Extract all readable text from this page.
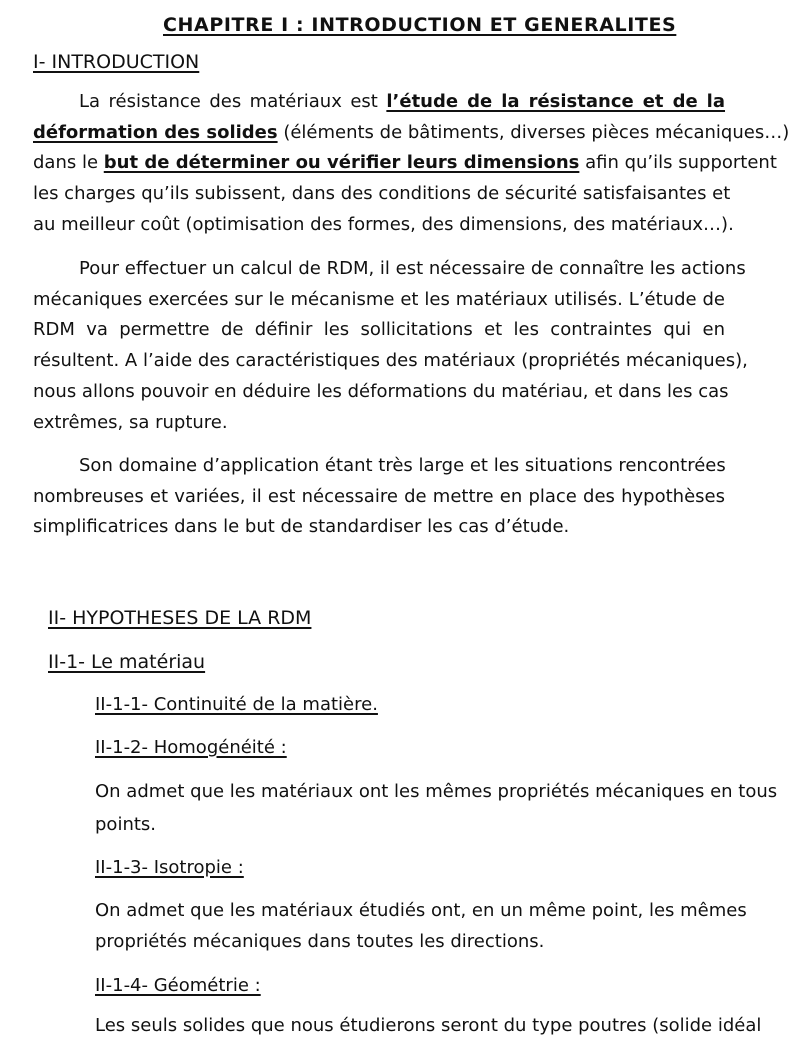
CHAPITRE I : INTRODUCTION ET GENERALITES
I- INTRODUCTION
La résistance des matériaux est l’étude de la résistance et de la
déformation des solides (éléments de bâtiments, diverses pièces mécaniques…)
dans le but de déterminer ou vérifier leurs dimensions afin qu’ils supportent
les charges qu’ils subissent, dans des conditions de sécurité satisfaisantes et
au meilleur coût (optimisation des formes, des dimensions, des matériaux…).
Pour effectuer un calcul de RDM, il est nécessaire de connaître les actions
mécaniques exercées sur le mécanisme et les matériaux utilisés. L’étude de
RDM va permettre de définir les sollicitations et les contraintes qui en
résultent. A l’aide des caractéristiques des matériaux (propriétés mécaniques),
nous allons pouvoir en déduire les déformations du matériau, et dans les cas
extrêmes, sa rupture.
Son domaine d’application étant très large et les situations rencontrées
nombreuses et variées, il est nécessaire de mettre en place des hypothèses
simplificatrices dans le but de standardiser les cas d’étude.
II- HYPOTHESES DE LA RDM
II-1- Le matériau
II-1-1- Continuité de la matière.
II-1-2- Homogénéité :
On admet que les matériaux ont les mêmes propriétés mécaniques en tous
points.
II-1-3- Isotropie :
On admet que les matériaux étudiés ont, en un même point, les mêmes
propriétés mécaniques dans toutes les directions.
II-1-4- Géométrie :
Les seuls solides que nous étudierons seront du type poutres (solide idéal
